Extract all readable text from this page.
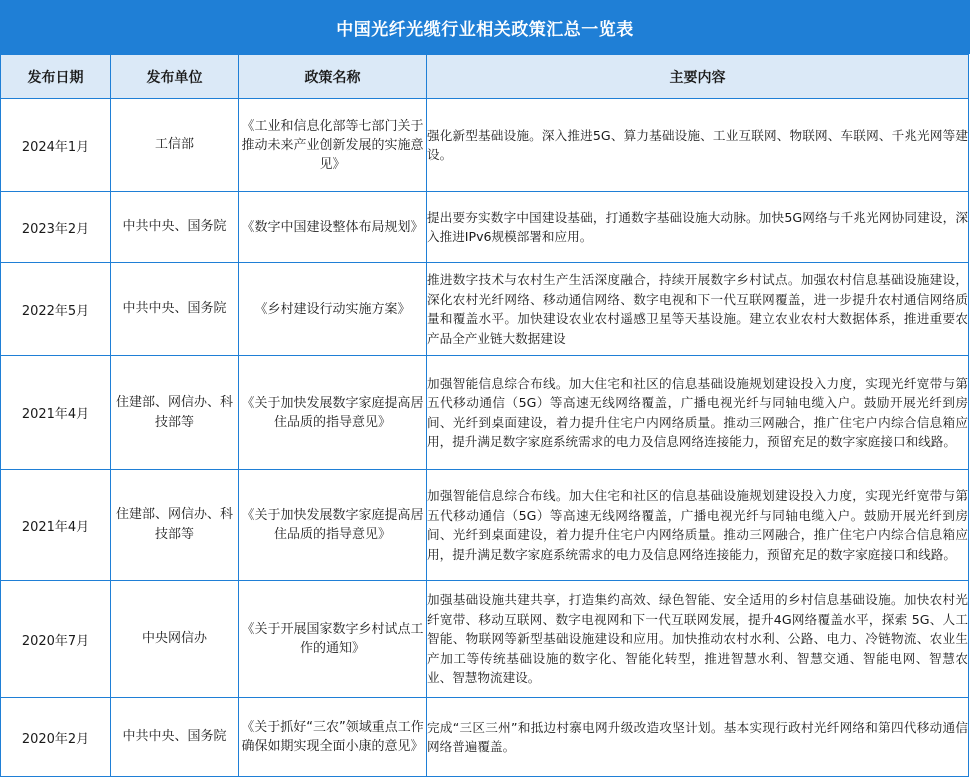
中国光纤光缆行业相关政策汇总一览表
发布日期	发布单位	政策名称	主要内容
2024年1月	工信部	《工业和信息化部等七部门关于推动未来产业创新发展的实施意见》	强化新型基础设施。深入推进5G、算力基础设施、工业互联网、物联网、车联网、千兆光网等建设。
2023年2月	中共中央、国务院	《数字中国建设整体布局规划》	提出要夯实数字中国建设基础，打通数字基础设施大动脉。加快5G网络与千兆光网协同建设，深入推进IPv6规模部署和应用。
2022年5月	中共中央、国务院	《乡村建设行动实施方案》	推进数字技术与农村生产生活深度融合，持续开展数字乡村试点。加强农村信息基础设施建设，深化农村光纤网络、移动通信网络、数字电视和下一代互联网覆盖，进一步提升农村通信网络质量和覆盖水平。加快建设农业农村遥感卫星等天基设施。建立农业农村大数据体系，推进重要农产品全产业链大数据建设
2021年4月	住建部、网信办、科技部等	《关于加快发展数字家庭提高居住品质的指导意见》	加强智能信息综合布线。加大住宅和社区的信息基础设施规划建设投入力度，实现光纤宽带与第五代移动通信（5G）等高速无线网络覆盖，广播电视光纤与同轴电缆入户。鼓励开展光纤到房间、光纤到桌面建设，着力提升住宅户内网络质量。推动三网融合，推广住宅户内综合信息箱应用，提升满足数字家庭系统需求的电力及信息网络连接能力，预留充足的数字家庭接口和线路。
2021年4月	住建部、网信办、科技部等	《关于加快发展数字家庭提高居住品质的指导意见》	加强智能信息综合布线。加大住宅和社区的信息基础设施规划建设投入力度，实现光纤宽带与第五代移动通信（5G）等高速无线网络覆盖，广播电视光纤与同轴电缆入户。鼓励开展光纤到房间、光纤到桌面建设，着力提升住宅户内网络质量。推动三网融合，推广住宅户内综合信息箱应用，提升满足数字家庭系统需求的电力及信息网络连接能力，预留充足的数字家庭接口和线路。
2020年7月	中央网信办	《关于开展国家数字乡村试点工作的通知》	加强基础设施共建共享，打造集约高效、绿色智能、安全适用的乡村信息基础设施。加快农村光纤宽带、移动互联网、数字电视网和下一代互联网发展，提升4G网络覆盖水平，探索 5G、人工智能、物联网等新型基础设施建设和应用。加快推动农村水利、公路、电力、冷链物流、农业生产加工等传统基础设施的数字化、智能化转型，推进智慧水利、智慧交通、智能电网、智慧农业、智慧物流建设。
2020年2月	中共中央、国务院	《关于抓好“三农”领域重点工作确保如期实现全面小康的意见》	完成“三区三州”和抵边村寨电网升级改造攻坚计划。基本实现行政村光纤网络和第四代移动通信网络普遍覆盖。
